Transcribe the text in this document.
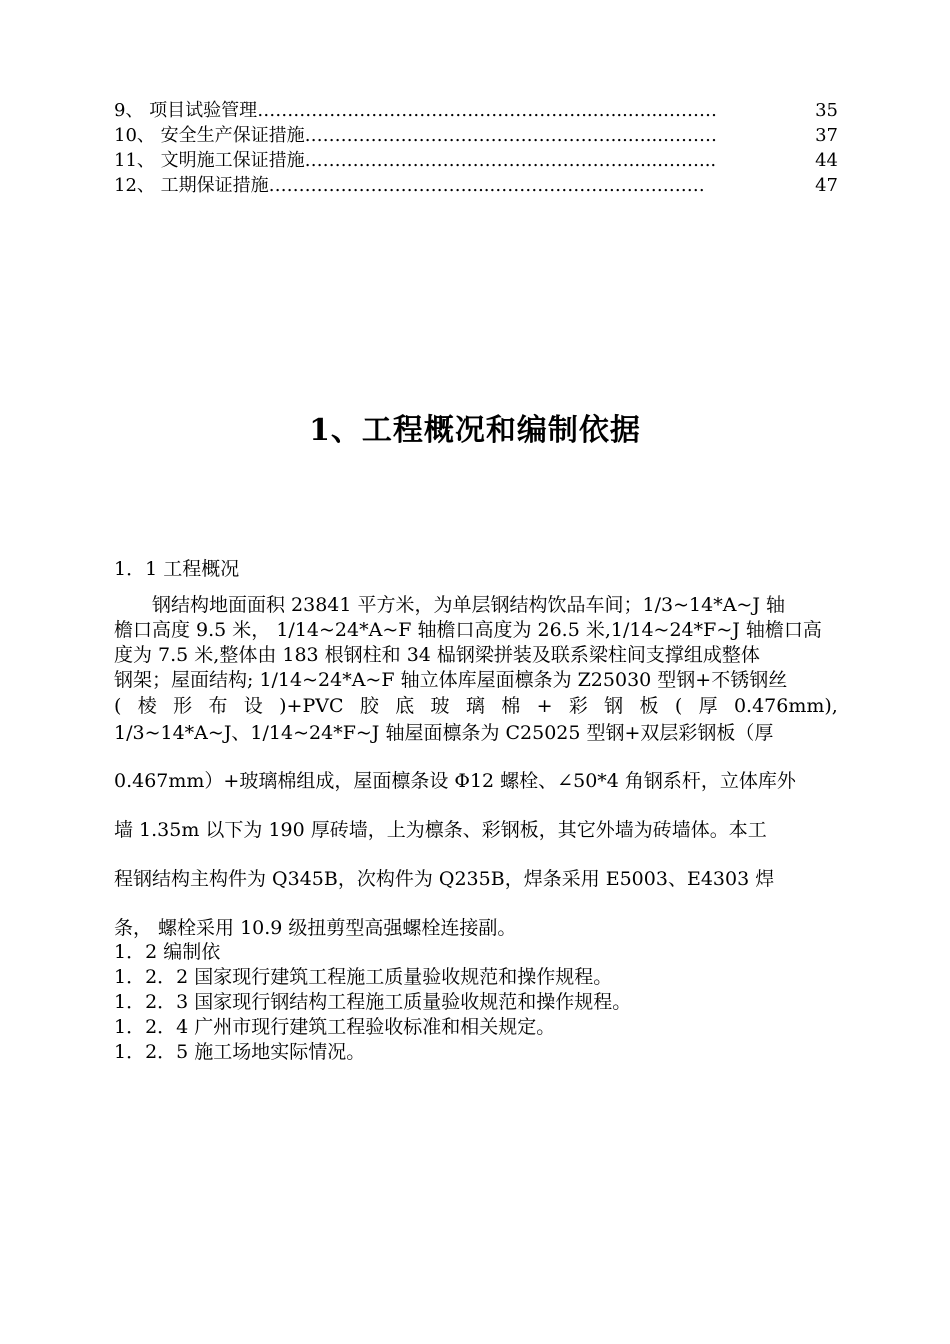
9、 项目试验管理 ………………………………………………..…...…...………	35
10、 安全生产保证措施 ……………………………………………...…...………	37
11、 文明施工保证措施 ………………………………………………......……...	44
12、 工期保证措施 …………………………….....………………..……………	47
1、工程概况和编制依据
1．1 工程概况
　　钢结构地面面积 23841 平方米，为单层钢结构饮品车间；1/3~14*A~J 轴
檐口高度 9.5 米， 1/14~24*A~F 轴檐口高度为 26.5 米,1/14~24*F~J 轴檐口高
度为 7.5 米,整体由 183 根钢柱和 34 榀钢梁拼装及联系梁柱间支撑组成整体
钢架；屋面结构; 1/14~24*A~F 轴立体库屋面檩条为 Z25030 型钢+不锈钢丝
( 棱 形 布 设 )+PVC 胶 底 玻 璃 棉 + 彩 钢 板 ( 厚 0.476mm),
1/3~14*A~J、1/14~24*F~J 轴屋面檩条为 C25025 型钢+双层彩钢板（厚
0.467mm）+玻璃棉组成，屋面檩条设 Φ12 螺栓、∠50*4 角钢系杆，立体库外
墙 1.35m 以下为 190 厚砖墙，上为檩条、彩钢板，其它外墙为砖墙体。本工
程钢结构主构件为 Q345B，次构件为 Q235B，焊条采用 E5003、E4303 焊
条， 螺栓采用 10.9 级扭剪型高强螺栓连接副。
1．2 编制依
1．2．2 国家现行建筑工程施工质量验收规范和操作规程。
1．2．3 国家现行钢结构工程施工质量验收规范和操作规程。
1．2．4 广州市现行建筑工程验收标准和相关规定。
1．2．5 施工场地实际情况。
